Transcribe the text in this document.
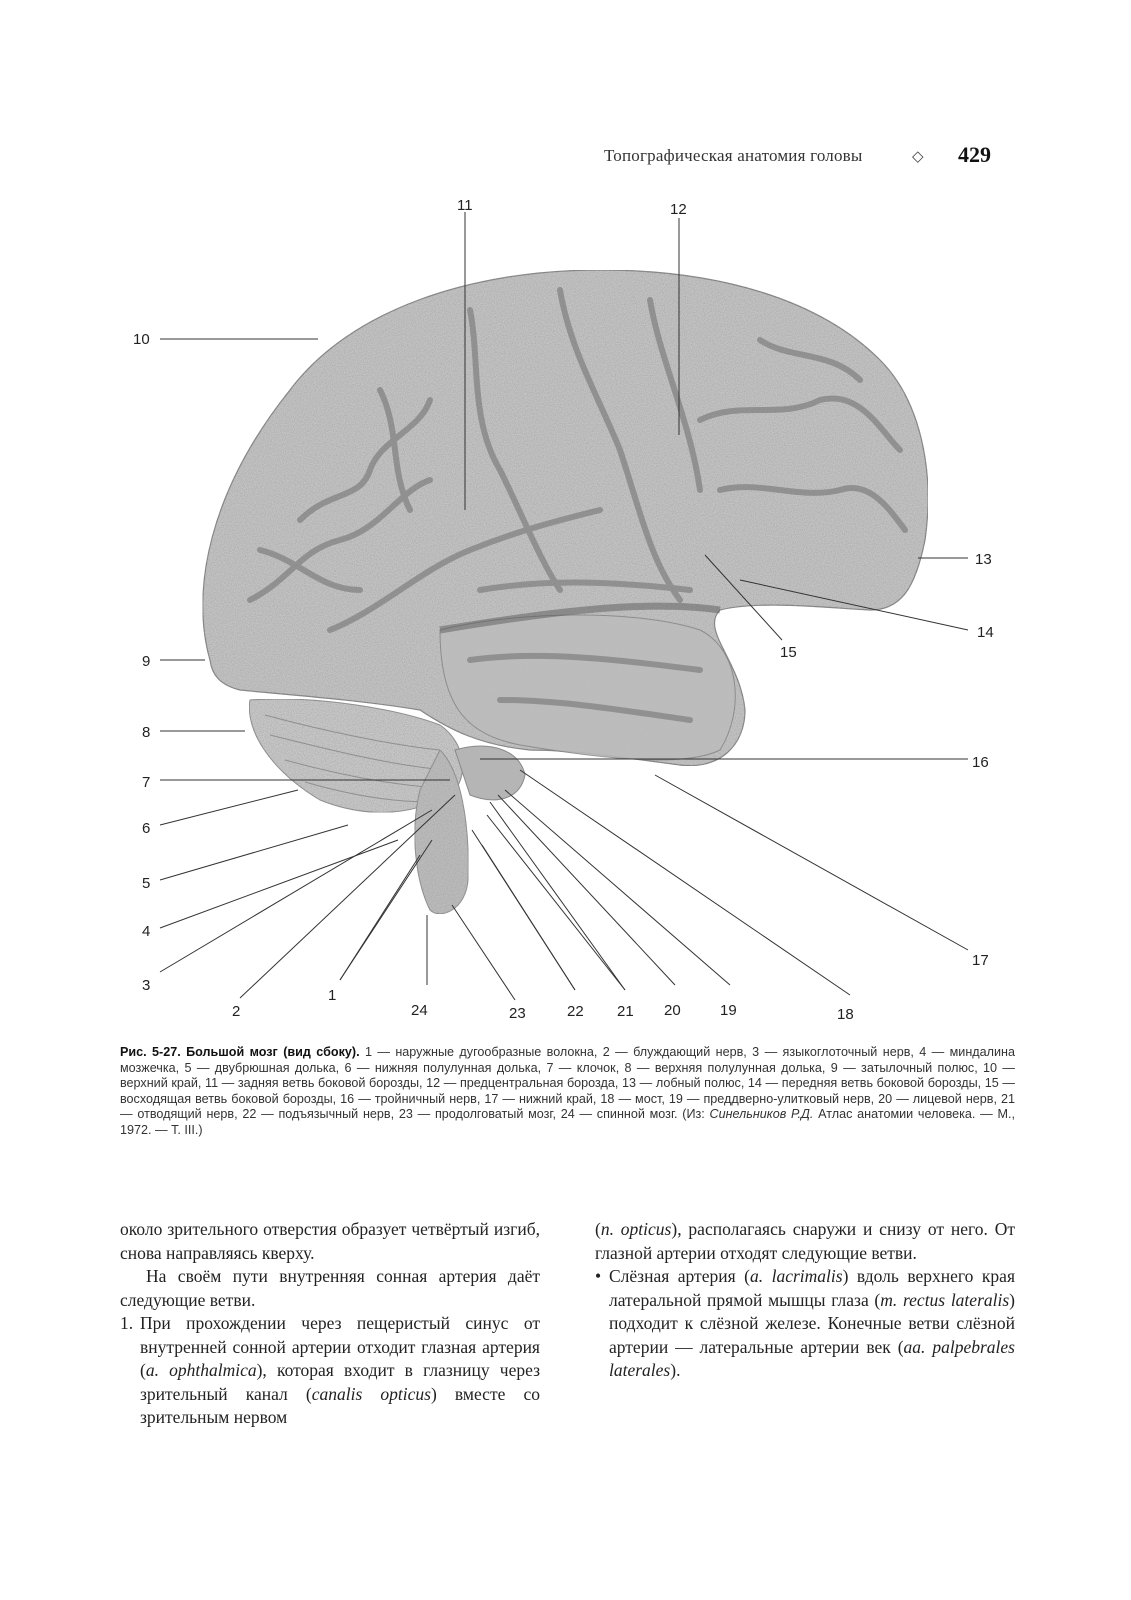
Топографическая анатомия головы	◇ 429
11	12
10
13
14
15
9
8
16
7
6
5
4
17
3
2
1
24	23	22 21 20	19	18
Рис. 5-27. Большой мозг (вид сбоку). 1 — наружные дугообразные волокна, 2 — блуждающий нерв, 3 — языкоглоточный нерв, 4 — миндалина мозжечка, 5 — двубрюшная долька, 6 — нижняя полулунная долька, 7 — клочок, 8 — верхняя полулунная долька, 9 — затылочный полюс, 10 — верхний край, 11 — задняя ветвь боковой борозды, 12 — предцентральная борозда, 13 — лобный полюс, 14 — передняя ветвь боковой борозды, 15 — восходящая ветвь боковой борозды, 16 — тройничный нерв, 17 — нижний край, 18 — мост, 19 — преддверно-улитковый нерв, 20 — лицевой нерв, 21 — отводящий нерв, 22 — подъязычный нерв, 23 — продолговатый мозг, 24 — спинной мозг. (Из: Синельников Р.Д. Атлас анатомии человека. — М., 1972. — Т. III.)

около зрительного отверстия образует четвёртый изгиб, снова направляясь кверху.

На своём пути внутренняя сонная артерия даёт следующие ветви.

1. При прохождении через пещеристый синус от внутренней сонной артерии отходит глазная артерия (a. ophthalmica), которая входит в глазницу через зрительный канал (canalis opticus) вместе со зрительным нервом

(n. opticus), располагаясь снаружи и снизу от него. От глазной артерии отходят следующие ветви.

• Слёзная артерия (a. lacrimalis) вдоль верхнего края латеральной прямой мышцы глаза (m. rectus lateralis) подходит к слёзной железе. Конечные ветви слёзной артерии — латеральные артерии век (aa. palpebrales laterales).
